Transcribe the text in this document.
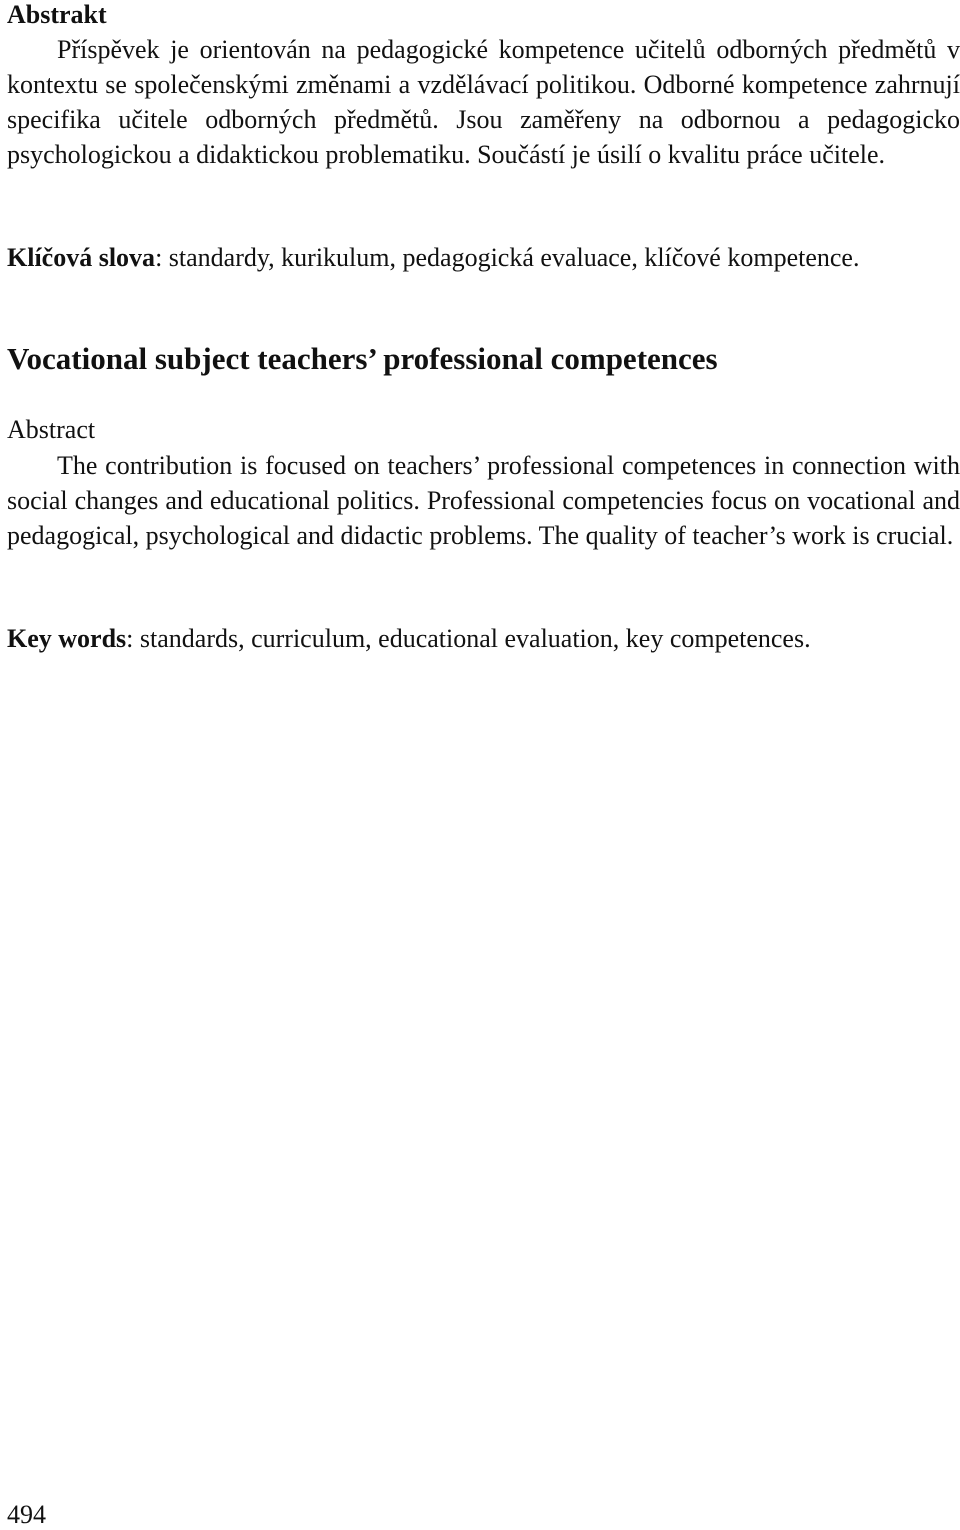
Abstrakt

Příspěvek je orientován na pedagogické kompetence učitelů odborných předmětů v kontextu se společenskými změnami a vzdělávací politikou. Odborné kompetence zahrnují specifika učitele odborných předmětů. Jsou zaměřeny na odbornou a pedagogicko psychologickou a didaktickou problematiku. Součástí je úsilí o kvalitu práce učitele.

Klíčová slova: standardy, kurikulum, pedagogická evaluace, klíčové kompetence.

Vocational subject teachers’ professional competences
Abstract

The contribution is focused on teachers’ professional competences in connection with social changes and educational politics. Professional competencies focus on vocational and pedagogical, psychological and didactic problems. The quality of teacher’s work is crucial.

Key words: standards, curriculum, educational evaluation, key competences.

494
